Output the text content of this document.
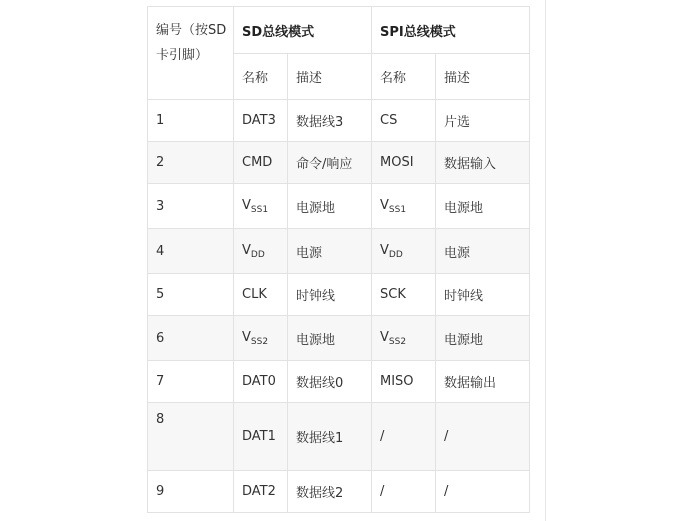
编号（按SD卡引脚）	SD总线模式		SPI总线模式	
	名称	描述	名称	描述
1	DAT3	数据线3	CS	片选
2	CMD	命令/响应	MOSI	数据输入
3	$V_{SS1}$	电源地	$V_{SS1}$	电源地
4	$V_{DD}$	电源	$V_{DD}$	电源
5	CLK	时钟线	SCK	时钟线
6	$V_{SS2}$	电源地	$V_{SS2}$	电源地
7	DAT0	数据线0	MISO	数据输出
8	DAT1	数据线1	/	/
9	DAT2	数据线2	/	/
